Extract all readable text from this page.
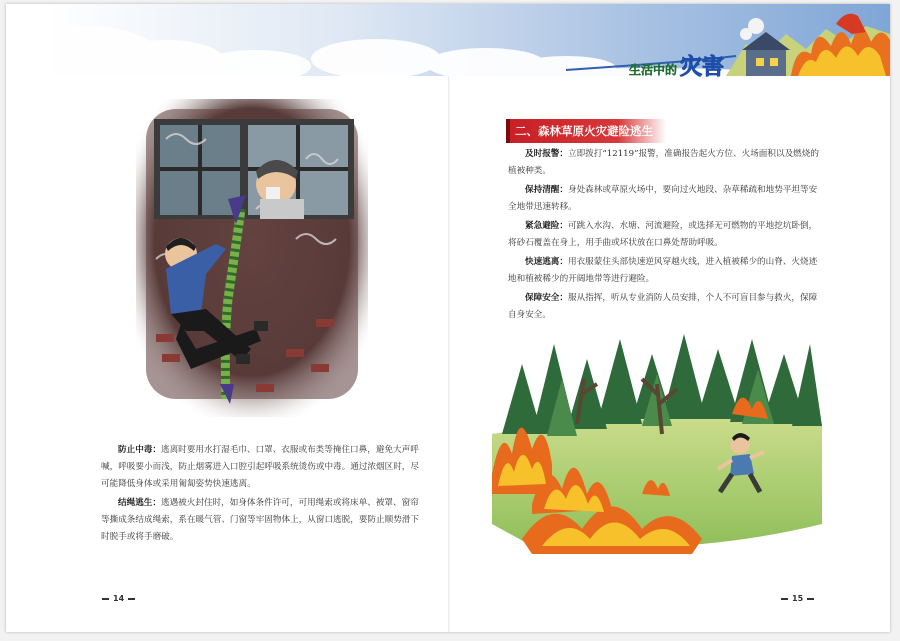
生活中的 灾害

防止中毒：逃离时要用水打湿毛巾、口罩、衣服或布类等掩住口鼻，避免大声呼喊，呼吸要小而浅，防止烟雾进入口腔引起呼吸系统烫伤或中毒。通过浓烟区时，尽可能降低身体或采用匍匐姿势快速逃离。

结绳逃生：逃遇被火封住时，如身体条件许可，可用绳索或将床单、被罩、窗帘等撕成条结成绳索，系在暖气管、门窗等牢固物体上，从窗口逃脱，要防止顺势滑下时脱手或将手磨破。

二、森林草原火灾避险逃生

及时报警：立即拨打“12119”报警，准确报告起火方位、火场面积以及燃烧的植被种类。

保持清醒：身处森林或草原火场中，要向过火地段、杂草稀疏和地势平坦等安全地带迅速转移。

紧急避险：可跳入水沟、水塘、河流避险，或选择无可燃物的平地挖坑卧倒，将砂石覆盖在身上，用手曲或坏状放在口鼻处帮助呼吸。

快速逃离：用衣服蒙住头部快速逆风穿越火线，进入植被稀少的山脊、火烧迹地和植被稀少的开阔地带等进行避险。

保障安全：服从指挥，听从专业消防人员安排，个人不可盲目参与救火，保障自身安全。

14	15
